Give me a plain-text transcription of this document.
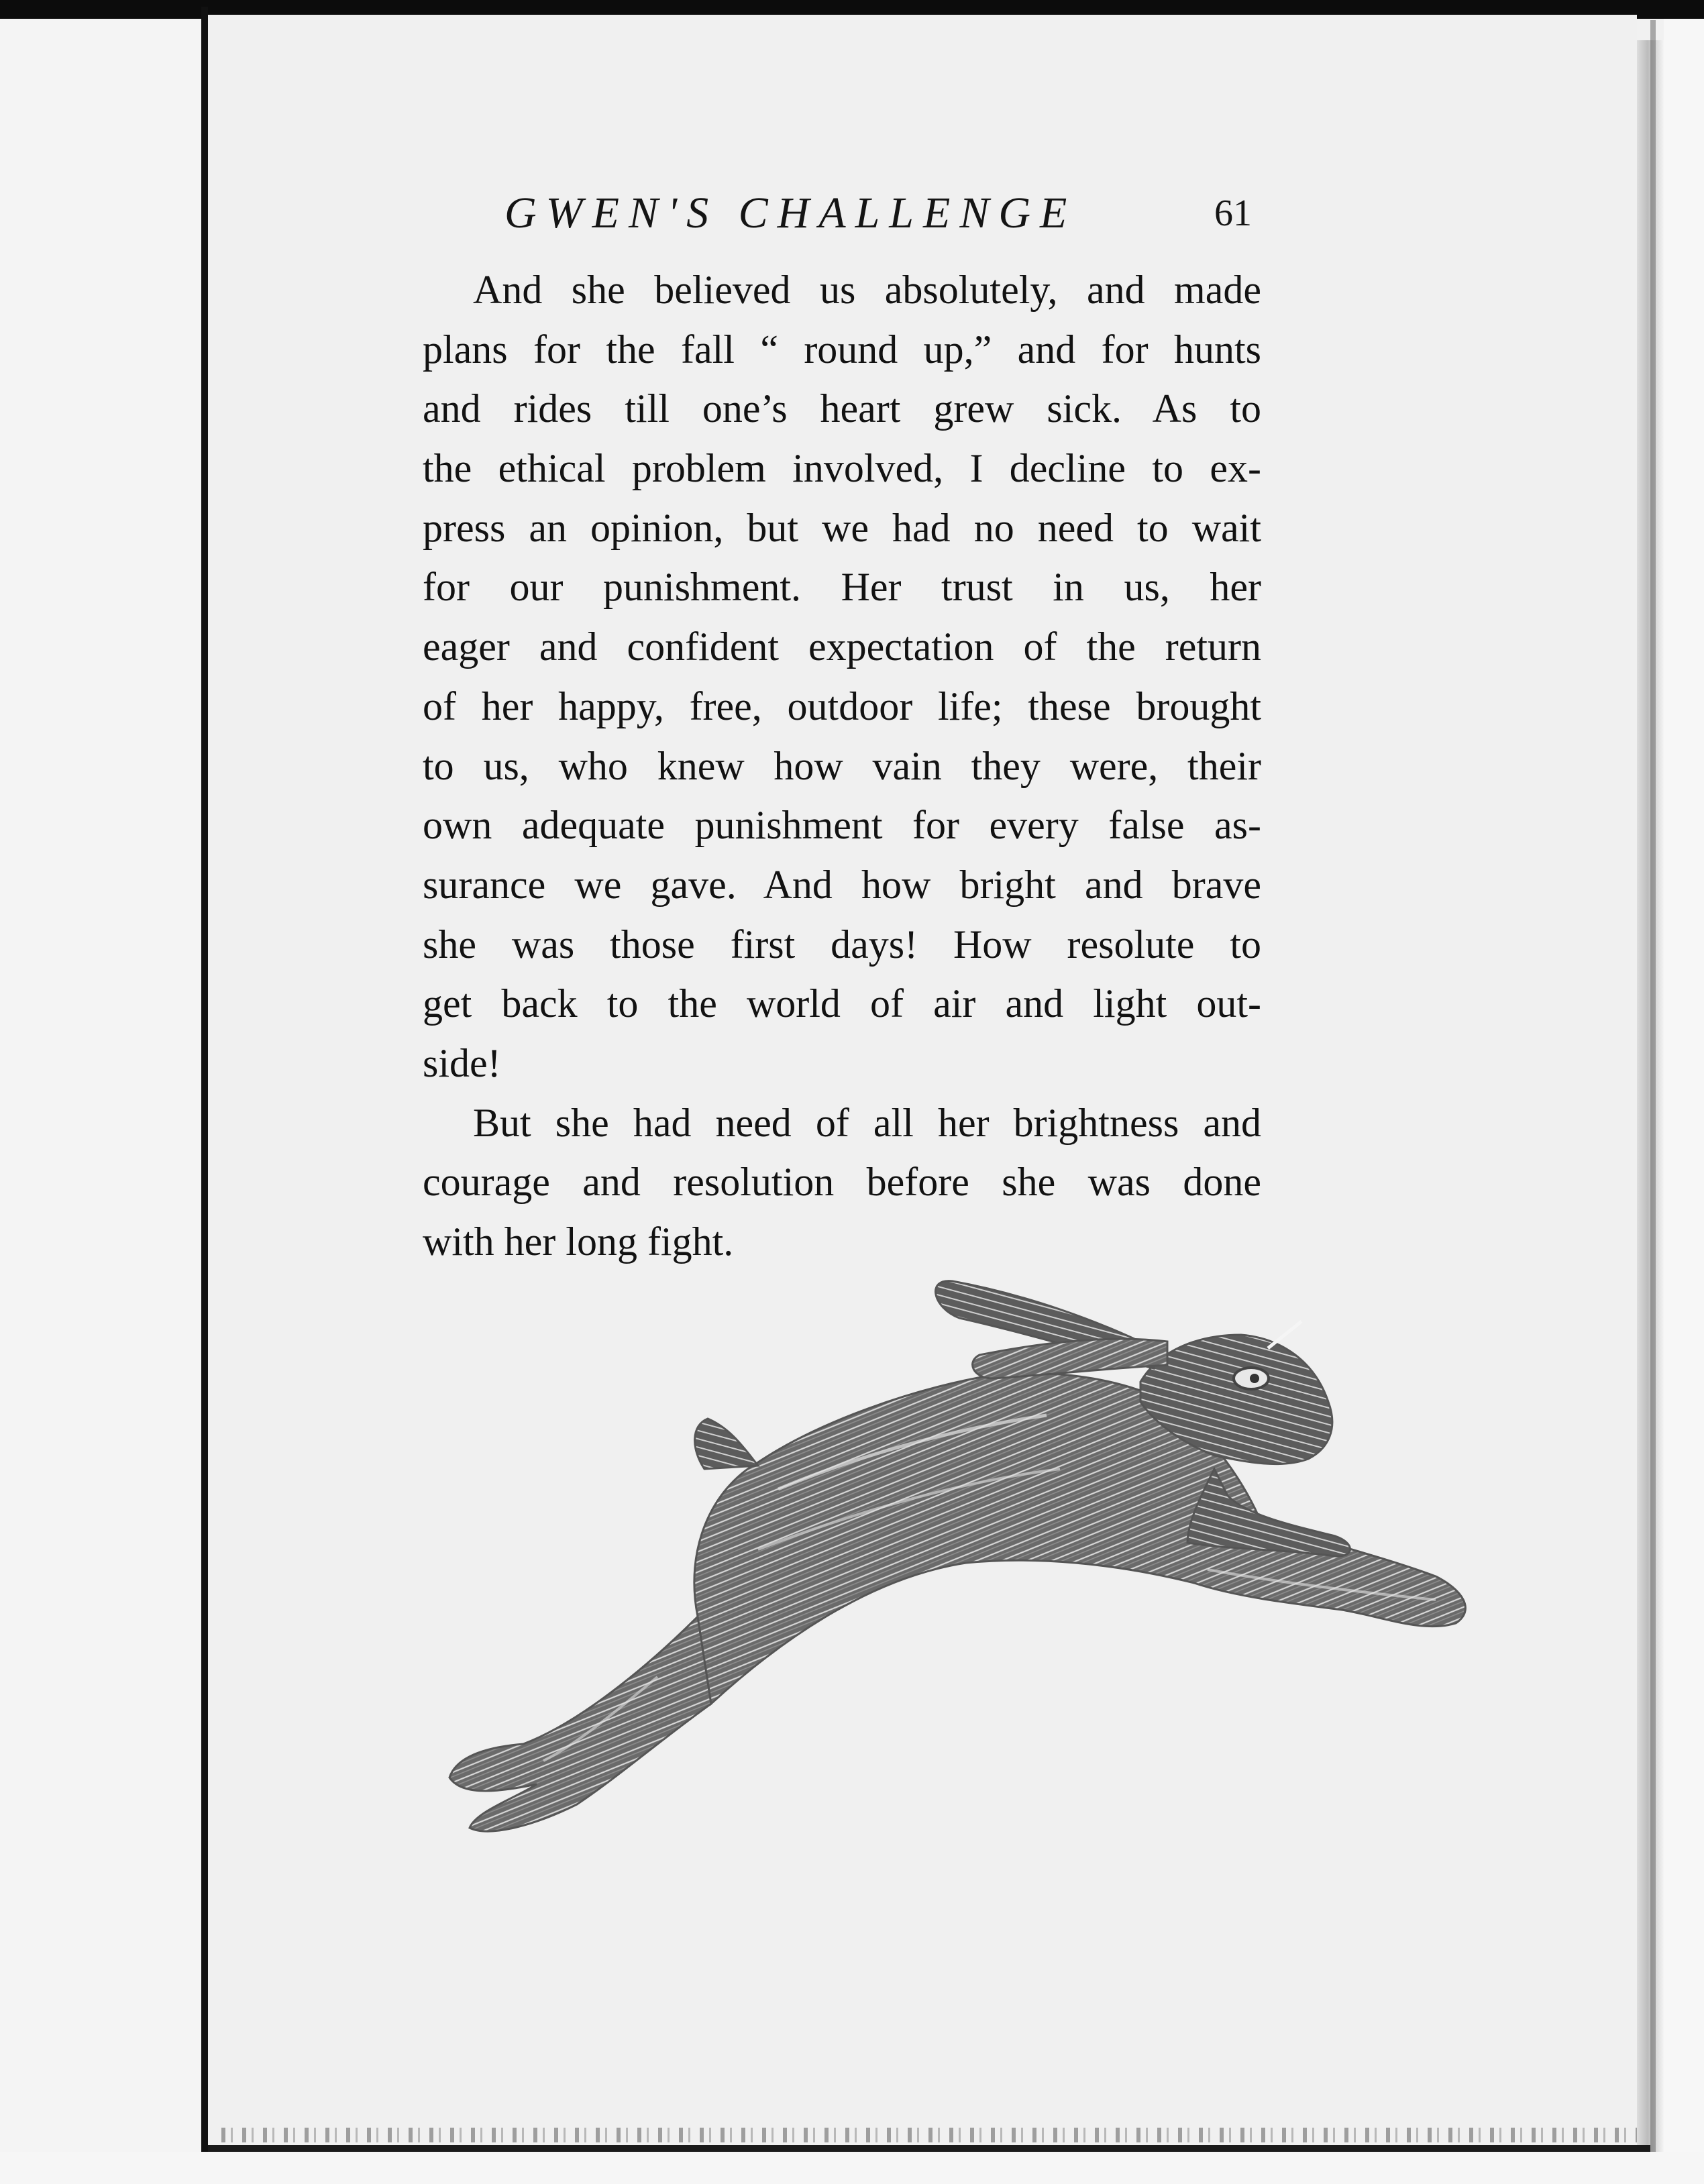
GWEN'S CHALLENGE	61
And she believed us absolutely, and made
plans for the fall “ round up,” and for hunts
and rides till one’s heart grew sick. As to
the ethical problem involved, I decline to ex-
press an opinion, but we had no need to wait
for our punishment. Her trust in us, her
eager and confident expectation of the return
of her happy, free, outdoor life; these brought
to us, who knew how vain they were, their
own adequate punishment for every false as-
surance we gave. And how bright and brave
she was those first days! How resolute to
get back to the world of air and light out-
side!
But she had need of all her brightness and
courage and resolution before she was done
with her long fight.
